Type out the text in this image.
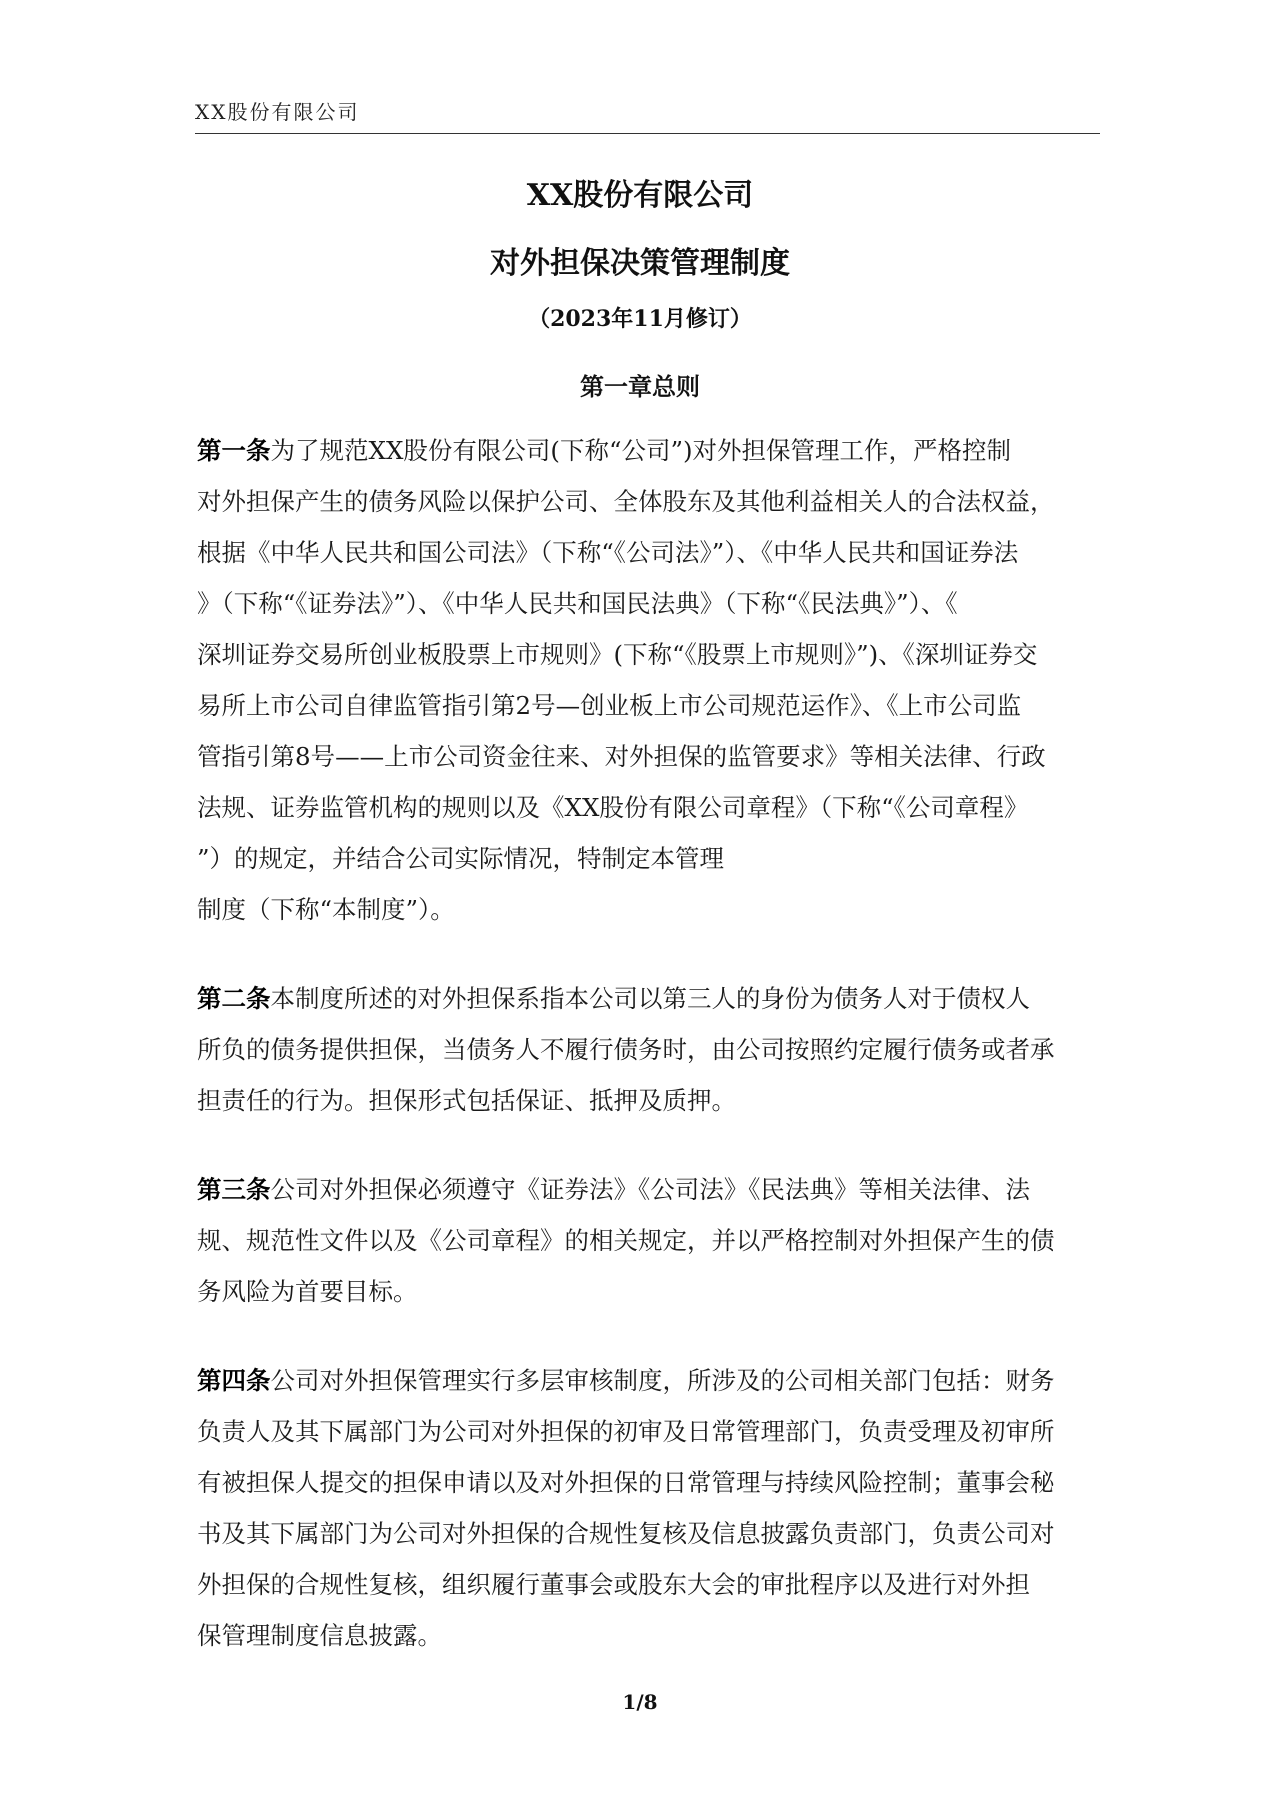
XX股份有限公司
XX股份有限公司
对外担保决策管理制度
（2023年11月修订）
第一章总则
第一条为了规范XX股份有限公司(下称“公司”)对外担保管理工作，严格控制
对外担保产生的债务风险以保护公司、全体股东及其他利益相关人的合法权益，
根据《中华人民共和国公司法》（下称“《公司法》”）、《中华人民共和国证券法
》（下称“《证券法》”）、《中华人民共和国民法典》（下称“《民法典》”）、《
深圳证券交易所创业板股票上市规则》(下称“《股票上市规则》”)、《深圳证券交
易所上市公司自律监管指引第2号—创业板上市公司规范运作》、《上市公司监
管指引第8号——上市公司资金往来、对外担保的监管要求》等相关法律、行政
法规、证券监管机构的规则以及《XX股份有限公司章程》（下称“《公司章程》
”）的规定，并结合公司实际情况，特制定本管理
制度（下称“本制度”）。
第二条本制度所述的对外担保系指本公司以第三人的身份为债务人对于债权人
所负的债务提供担保，当债务人不履行债务时，由公司按照约定履行债务或者承
担责任的行为。担保形式包括保证、抵押及质押。
第三条公司对外担保必须遵守《证券法》《公司法》《民法典》等相关法律、法
规、规范性文件以及《公司章程》的相关规定，并以严格控制对外担保产生的债
务风险为首要目标。
第四条公司对外担保管理实行多层审核制度，所涉及的公司相关部门包括：财务
负责人及其下属部门为公司对外担保的初审及日常管理部门，负责受理及初审所
有被担保人提交的担保申请以及对外担保的日常管理与持续风险控制；董事会秘
书及其下属部门为公司对外担保的合规性复核及信息披露负责部门，负责公司对
外担保的合规性复核，组织履行董事会或股东大会的审批程序以及进行对外担
保管理制度信息披露。
1/8
